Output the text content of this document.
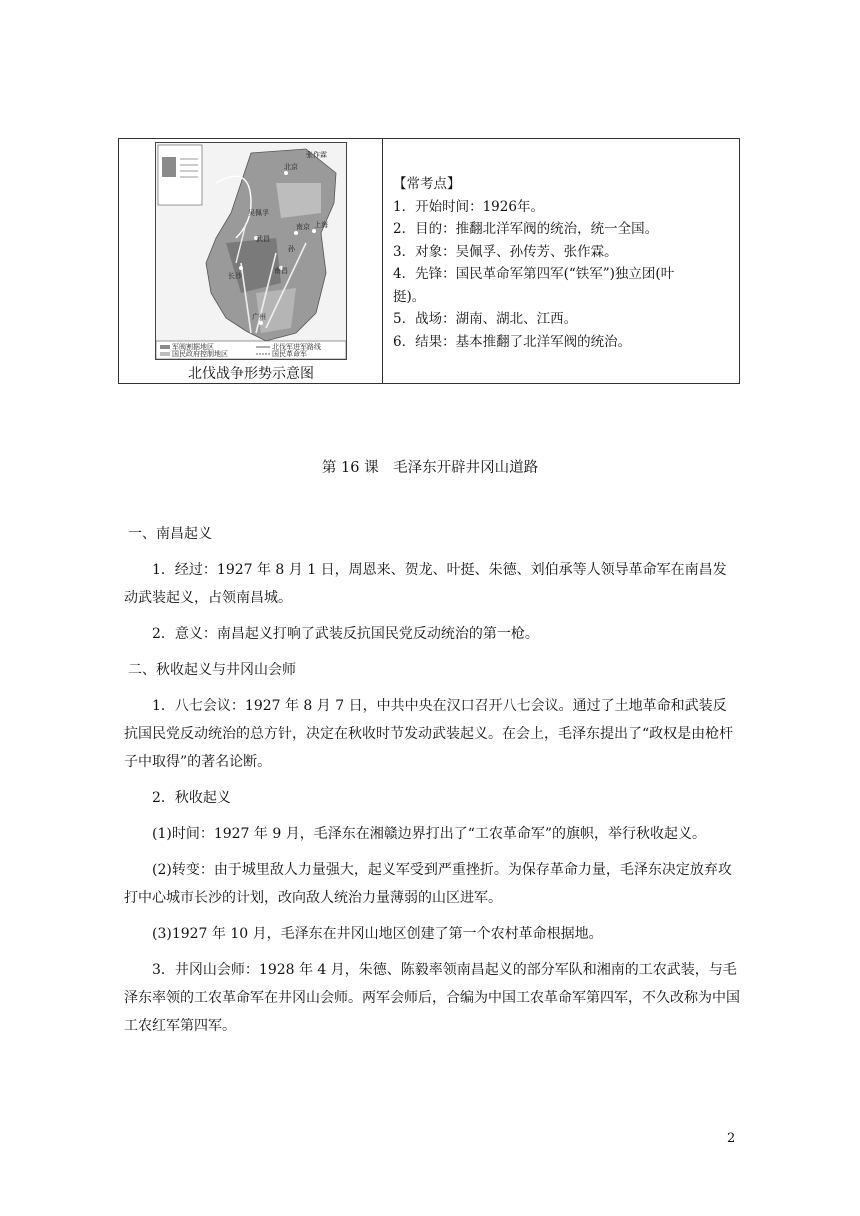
北京
张作霖
吴佩孚
孙
长沙
广州
武昌
南京
南昌
上海
军阀割据地区	北伐军进军路线
国民政府控制地区	国民革命军
北伐战争形势示意图

【常考点】

1．开始时间：1926年。

2．目的：推翻北洋军阀的统治，统一全国。

3．对象：吴佩孚、孙传芳、张作霖。

4．先锋：国民革命军第四军(“铁军”)独立团(叶

挺)。

5．战场：湖南、湖北、江西。

6．结果：基本推翻了北洋军阀的统治。

第 16 课　毛泽东开辟井冈山道路

一、南昌起义

1．经过：1927 年 8 月 1 日，周恩来、贺龙、叶挺、朱德、刘伯承等人领导革命军在南昌发动武装起义，占领南昌城。

2．意义：南昌起义打响了武装反抗国民党反动统治的第一枪。

二、秋收起义与井冈山会师

1．八七会议：1927 年 8 月 7 日，中共中央在汉口召开八七会议。通过了土地革命和武装反抗国民党反动统治的总方针，决定在秋收时节发动武装起义。在会上，毛泽东提出了“政权是由枪杆子中取得”的著名论断。

2．秋收起义

(1)时间：1927 年 9 月，毛泽东在湘赣边界打出了“工农革命军”的旗帜，举行秋收起义。

(2)转变：由于城里敌人力量强大，起义军受到严重挫折。为保存革命力量，毛泽东决定放弃攻打中心城市长沙的计划，改向敌人统治力量薄弱的山区进军。

(3)1927 年 10 月，毛泽东在井冈山地区创建了第一个农村革命根据地。

3．井冈山会师：1928 年 4 月，朱德、陈毅率领南昌起义的部分军队和湘南的工农武装，与毛泽东率领的工农革命军在井冈山会师。两军会师后，合编为中国工农革命军第四军，不久改称为中国工农红军第四军。

2
